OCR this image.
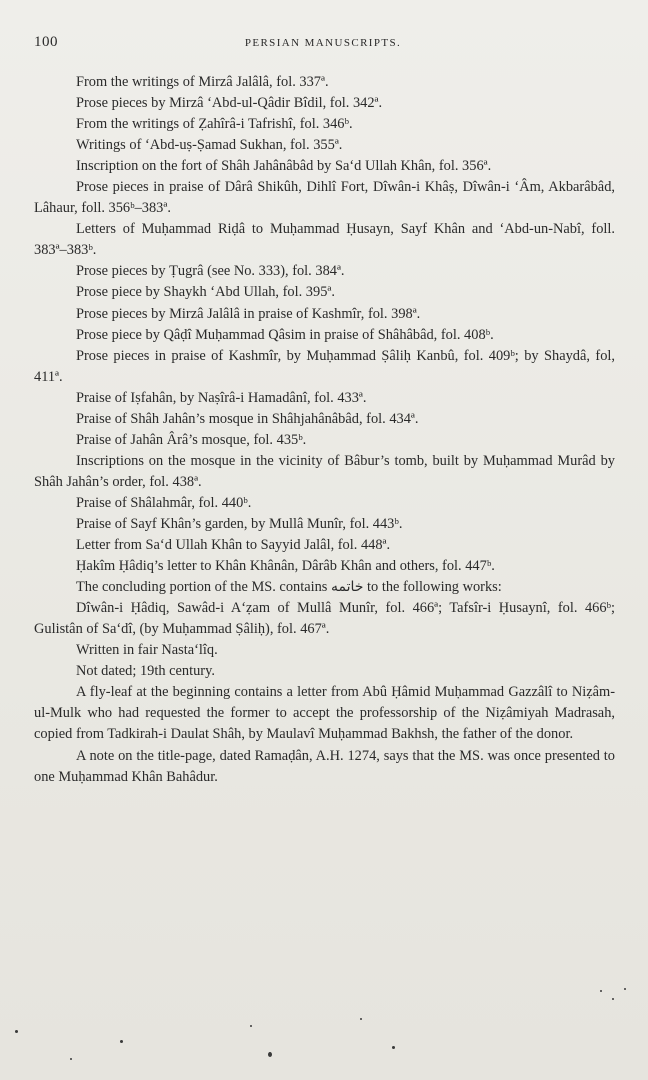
100	PERSIAN MANUSCRIPTS.

From the writings of Mirzâ Jalâlâ, fol. 337ª.

Prose pieces by Mirzâ ‘Abd-ul-Qâdir Bîdil, fol. 342ª.

From the writings of Ẓahîrâ-i Tafrishî, fol. 346ᵇ.

Writings of ‘Abd-uṣ-Ṣamad Sukhan, fol. 355ª.

Inscription on the fort of Shâh Jahânâbâd by Sa‘d Ullah Khân, fol. 356ª.

Prose pieces in praise of Dârâ Shikûh, Dihlî Fort, Dîwân-i Khâṣ, Dîwân-i ‘Âm, Akbarâbâd, Lâhaur, foll. 356ᵇ–383ª.

Letters of Muḥammad Riḍâ to Muḥammad Ḥusayn, Sayf Khân and ‘Abd-un-Nabî, foll. 383ª–383ᵇ.

Prose pieces by Ṭugrâ (see No. 333), fol. 384ª.

Prose piece by Shaykh ‘Abd Ullah, fol. 395ª.

Prose pieces by Mirzâ Jalâlâ in praise of Kashmîr, fol. 398ª.

Prose piece by Qâḍî Muḥammad Qâsim in praise of Shâhâbâd, fol. 408ᵇ.

Prose pieces in praise of Kashmîr, by Muḥammad Ṣâliḥ Kanbû, fol. 409ᵇ; by Shaydâ, fol, 411ª.

Praise of Iṣfahân, by Naṣîrâ-i Hamadânî, fol. 433ª.

Praise of Shâh Jahân’s mosque in Shâhjahânâbâd, fol. 434ª.

Praise of Jahân Ârâ’s mosque, fol. 435ᵇ.

Inscriptions on the mosque in the vicinity of Bâbur’s tomb, built by Muḥammad Murâd by Shâh Jahân’s order, fol. 438ª.

Praise of Shâlahmâr, fol. 440ᵇ.

Praise of Sayf Khân’s garden, by Mullâ Munîr, fol. 443ᵇ.

Letter from Sa‘d Ullah Khân to Sayyid Jalâl, fol. 448ª.

Ḥakîm Ḥâdiq’s letter to Khân Khânân, Dârâb Khân and others, fol. 447ᵇ.

The concluding portion of the MS. contains خاتمه to the following works:

Dîwân-i Ḥâdiq, Sawâd-i A‘ẓam of Mullâ Munîr, fol. 466ª; Tafsîr-i Ḥusaynî, fol. 466ᵇ; Gulistân of Sa‘dî, (by Muḥammad Ṣâliḥ), fol. 467ª.

Written in fair Nasta‘lîq.

Not dated; 19th century.

A fly-leaf at the beginning contains a letter from Abû Ḥâmid Muḥammad Gazzâlî to Niẓâm-ul-Mulk who had requested the former to accept the professorship of the Niẓâmiyah Madrasah, copied from Tadkirah-i Daulat Shâh, by Maulavî Muḥammad Bakhsh, the father of the donor.

A note on the title-page, dated Ramaḍân, A.H. 1274, says that the MS. was once presented to one Muḥammad Khân Bahâdur.
